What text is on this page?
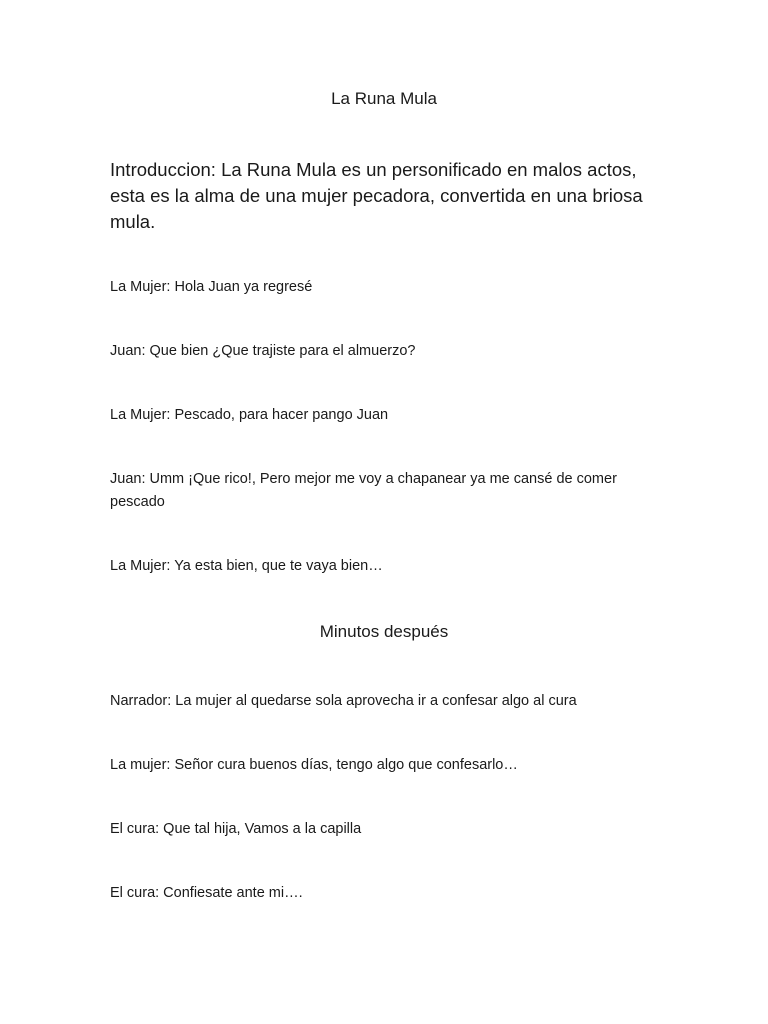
La Runa Mula
Introduccion: La Runa Mula es un personificado en malos actos, esta es la alma de una mujer pecadora, convertida en una briosa mula.
La Mujer: Hola Juan ya regresé
Juan: Que bien ¿Que trajiste para el almuerzo?
La Mujer: Pescado, para hacer pango Juan
Juan: Umm ¡Que rico!, Pero mejor me voy a chapanear ya me cansé de comer pescado
La Mujer: Ya esta bien, que te vaya bien…
Minutos después
Narrador: La mujer al quedarse sola aprovecha ir a confesar algo al cura
La mujer: Señor cura buenos días, tengo algo que confesarlo…
El cura: Que tal hija, Vamos a la capilla
El cura: Confiesate ante mi….
